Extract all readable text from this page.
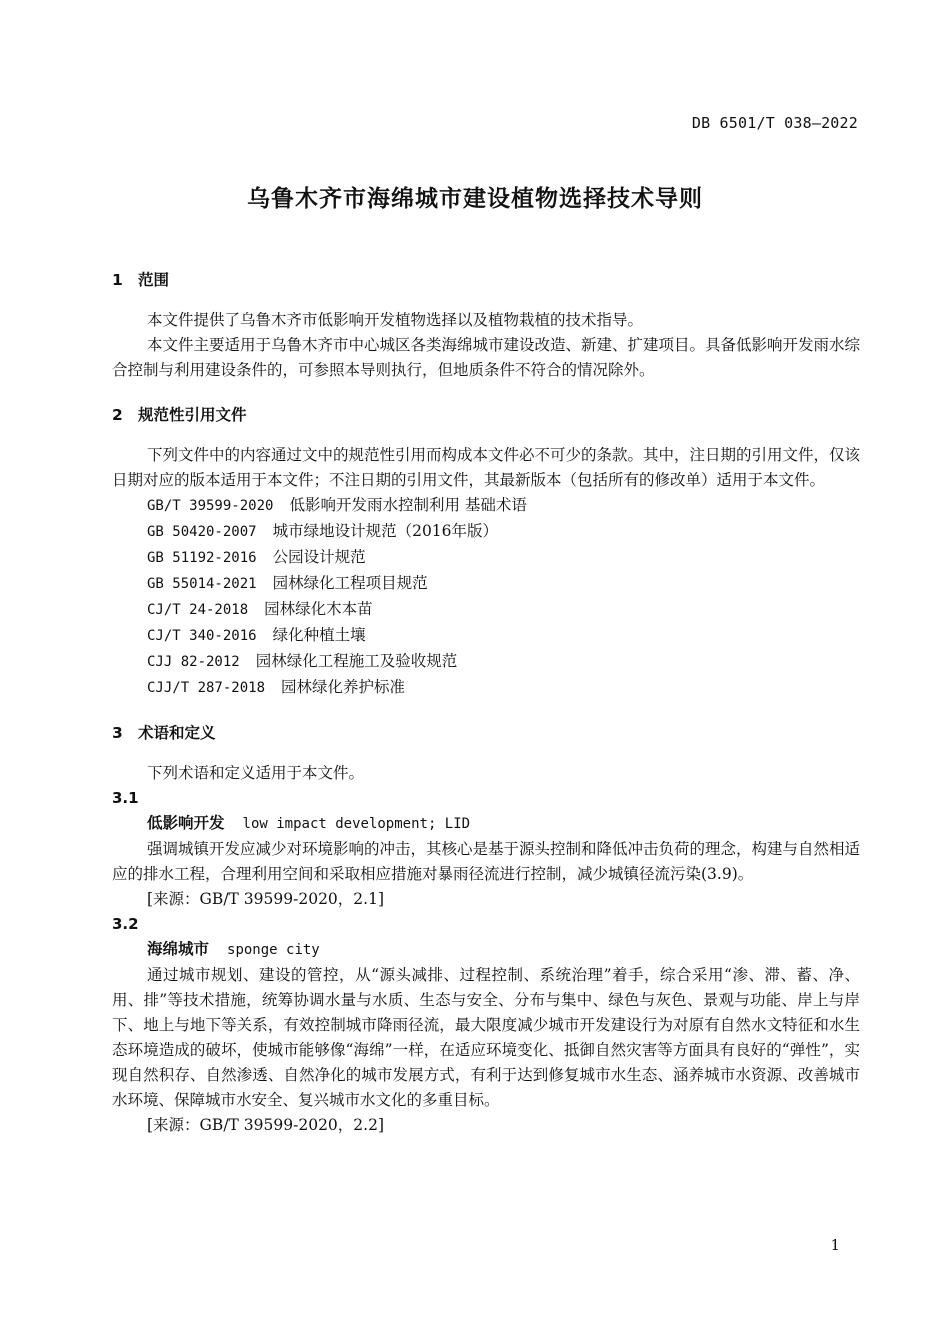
DB 6501/T 038—2022
乌鲁木齐市海绵城市建设植物选择技术导则
1 范围
本文件提供了乌鲁木齐市低影响开发植物选择以及植物栽植的技术指导。
本文件主要适用于乌鲁木齐市中心城区各类海绵城市建设改造、新建、扩建项目。具备低影响开发雨水综合控制与利用建设条件的，可参照本导则执行，但地质条件不符合的情况除外。
2 规范性引用文件
下列文件中的内容通过文中的规范性引用而构成本文件必不可少的条款。其中，注日期的引用文件，仅该日期对应的版本适用于本文件；不注日期的引用文件，其最新版本（包括所有的修改单）适用于本文件。
GB/T 39599-2020 低影响开发雨水控制利用 基础术语
GB 50420-2007 城市绿地设计规范（2016年版）
GB 51192-2016 公园设计规范
GB 55014-2021 园林绿化工程项目规范
CJ/T 24-2018 园林绿化木本苗
CJ/T 340-2016 绿化种植土壤
CJJ 82-2012 园林绿化工程施工及验收规范
CJJ/T 287-2018 园林绿化养护标准
3 术语和定义
下列术语和定义适用于本文件。
3.1
低影响开发 low impact development; LID
强调城镇开发应减少对环境影响的冲击，其核心是基于源头控制和降低冲击负荷的理念，构建与自然相适应的排水工程，合理利用空间和采取相应措施对暴雨径流进行控制，减少城镇径流污染(3.9)。
[来源：GB/T 39599-2020，2.1]
3.2
海绵城市 sponge city
通过城市规划、建设的管控，从“源头减排、过程控制、系统治理”着手，综合采用“渗、滞、蓄、净、用、排”等技术措施，统筹协调水量与水质、生态与安全、分布与集中、绿色与灰色、景观与功能、岸上与岸下、地上与地下等关系，有效控制城市降雨径流，最大限度减少城市开发建设行为对原有自然水文特征和水生态环境造成的破坏，使城市能够像“海绵”一样，在适应环境变化、抵御自然灾害等方面具有良好的“弹性”，实现自然积存、自然渗透、自然净化的城市发展方式，有利于达到修复城市水生态、涵养城市水资源、改善城市水环境、保障城市水安全、复兴城市水文化的多重目标。
[来源：GB/T 39599-2020，2.2]
1
